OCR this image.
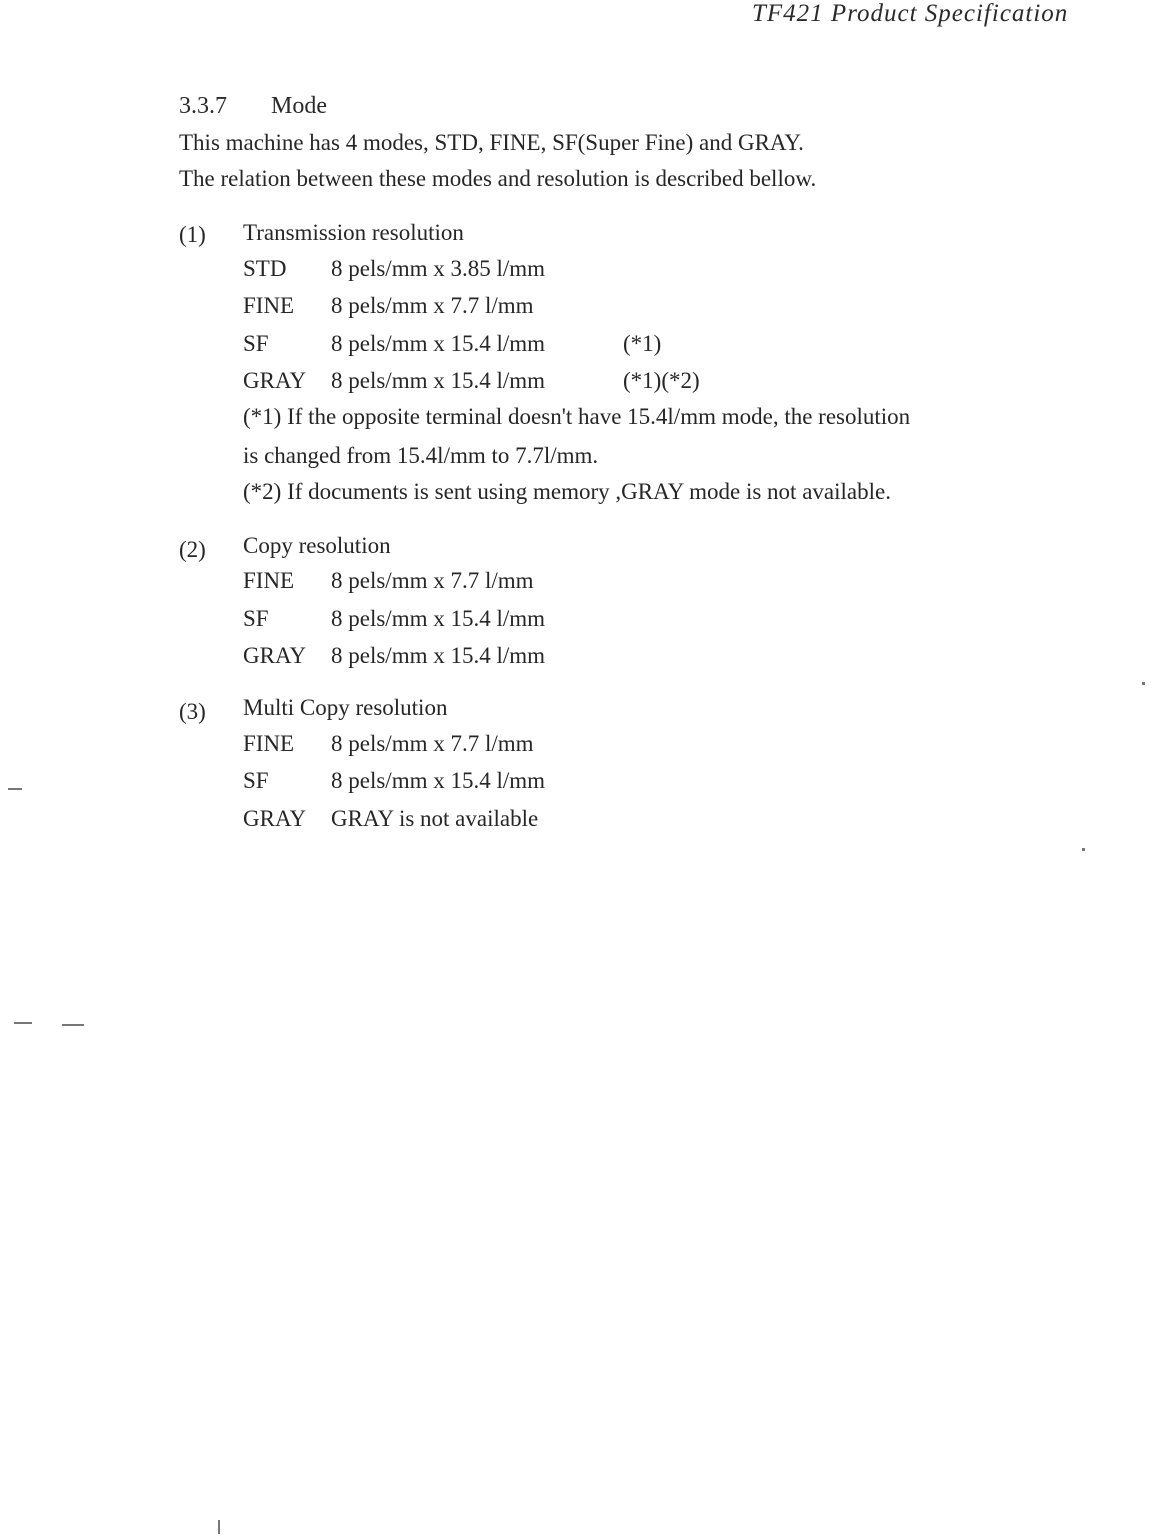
TF421 Product Specification
3.3.7 Mode
This machine has 4 modes, STD, FINE, SF(Super Fine) and GRAY.
The relation between these modes and resolution is described bellow.
(1) Transmission resolution
STD 8 pels/mm x 3.85 l/mm
FINE 8 pels/mm x 7.7 l/mm
SF	8 pels/mm x 15.4 l/mm	(*1)
GRAY 8 pels/mm x 15.4 l/mm	(*1)(*2)
(*1) If the opposite terminal doesn't have 15.4l/mm mode, the resolution
is changed from 15.4l/mm to 7.7l/mm.
(*2) If documents is sent using memory ,GRAY mode is not available.
(2) Copy resolution
FINE 8 pels/mm x 7.7 l/mm
SF	8 pels/mm x 15.4 l/mm
GRAY 8 pels/mm x 15.4 l/mm
(3) Multi Copy resolution
FINE 8 pels/mm x 7.7 l/mm
SF	8 pels/mm x 15.4 l/mm
GRAY GRAY is not available
